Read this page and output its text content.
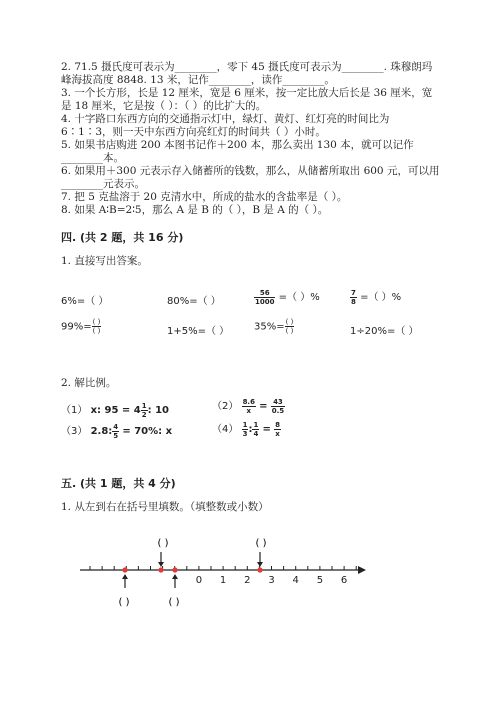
2. 71.5 摄氏度可表示为________，零下 45 摄氏度可表示为________. 珠穆朗玛
峰海拔高度 8848. 13 米，记作________，读作________。
3. 一个长方形，长是 12 厘米，宽是 6 厘米，按一定比放大后长是 36 厘米，宽
是 18 厘米，它是按（ ）：（ ）的比扩大的。
4. 十字路口东西方向的交通指示灯中，绿灯、黄灯、红灯亮的时间比为
6∶1∶3，则一天中东西方向亮红灯的时间共（ ）小时。
5. 如果书店购进 200 本图书记作＋200 本，那么卖出 130 本，就可以记作
________本。
6. 如果用＋300 元表示存入储蓄所的钱数，那么，从储蓄所取出 600 元，可以用
________元表示。
7. 把 5 克盐溶于 20 克清水中，所成的盐水的含盐率是（ ）。
8. 如果 A∶B=2∶5，那么 A 是 B 的（ ），B 是 A 的（ ）。
四. (共 2 题，共 16 分)
1. 直接写出答案。
6%=（ ）	80%=（ ）	$\frac{56}{1000}$ =（ ）%	$\frac{7}{8}$ =（ ）%
$99\%= \frac{( )}{( )}$	1+5%=（ ） $35\%= \frac{( )}{( )}$	1÷20%=（ ）
2. 解比例。
（1） x: $95 = 4 \frac{1}{2}$ : 10	$(2) \frac{8.6}{x} = \frac{43}{0.5}$
（3） 2.8: $\frac{4}{5} = 70\%$: x	$(4) \frac{1}{3}$ : $\frac{1}{4} = \frac{8}{x}$
五. (共 1 题，共 4 分)
1. 从左到右在括号里填数。（填整数或小数）
0 1 2 3 4 5 6
( )	( )
( )	( )
